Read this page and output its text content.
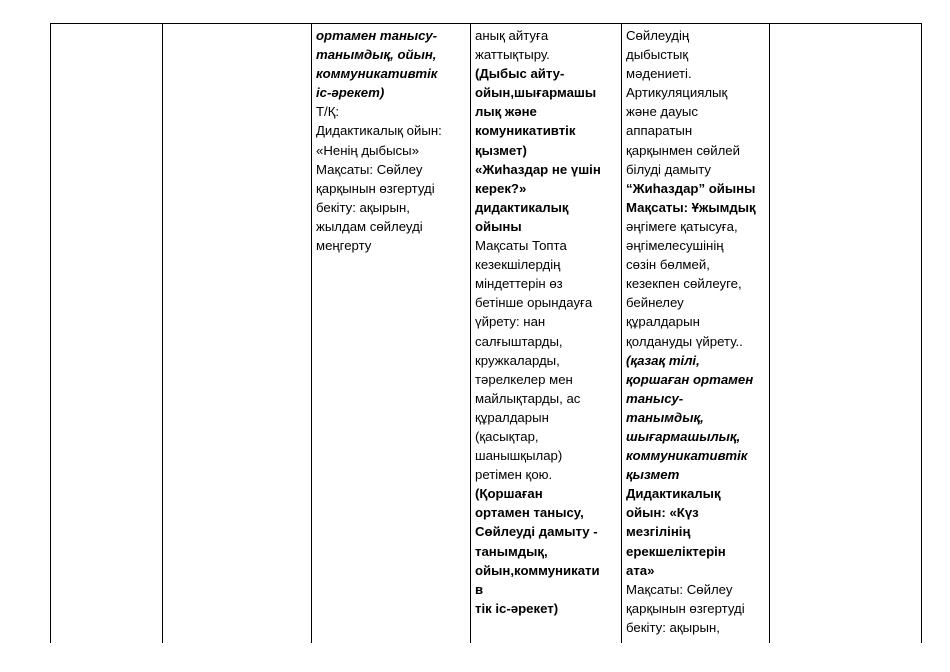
ортамен танысу-
танымдық, ойын,
коммуникативтік
іс-әрекет)
Т/Қ:
Дидактикалық ойын:
«Ненің дыбысы»
Мақсаты: Сөйлеу
қарқынын өзгертуді
бекіту: ақырын,
жылдам сөйлеуді
меңгерту
анық айтуға
жаттықтыру.
(Дыбыс айту-
ойын,шығармашы
лық және
комуникативтік
қызмет)
«Жиhаздар не үшін
керек?»
дидактикалық
ойыны
Мақсаты Топта
кезекшілердің
міндеттерін өз
бетінше орындауға
үйрету: нан
салғыштарды,
кружкаларды,
тәрелкелер мен
майлықтарды, ас
құралдарын
(қасықтар,
шанышқылар)
ретімен қою.
(Қоршаған
ортамен танысу,
Сөйлеуді дамыту -
танымдық,
ойын,коммуникати
в
тік іс-әрекет)
Сөйлеудің
дыбыстық
мәдениеті.
Артикуляциялық
және дауыс
аппаратын
қарқынмен сөйлей
білуді дамыту
“Жиhаздар” ойыны
Мақсаты: Ұжымдық
әңгімеге қатысуға,
әңгімелесушінің
сөзін бөлмей,
кезекпен сөйлеуге,
бейнелеу
құралдарын
қолдануды үйрету..
(қазақ тілі,
қоршаған ортамен
танысу-
танымдық,
шығармашылық,
коммуникативтік
қызмет
Дидактикалық
ойын: «Күз
мезгілінің
ерекшеліктерін
ата»
Мақсаты: Сөйлеу
қарқынын өзгертуді
бекіту: ақырын,
